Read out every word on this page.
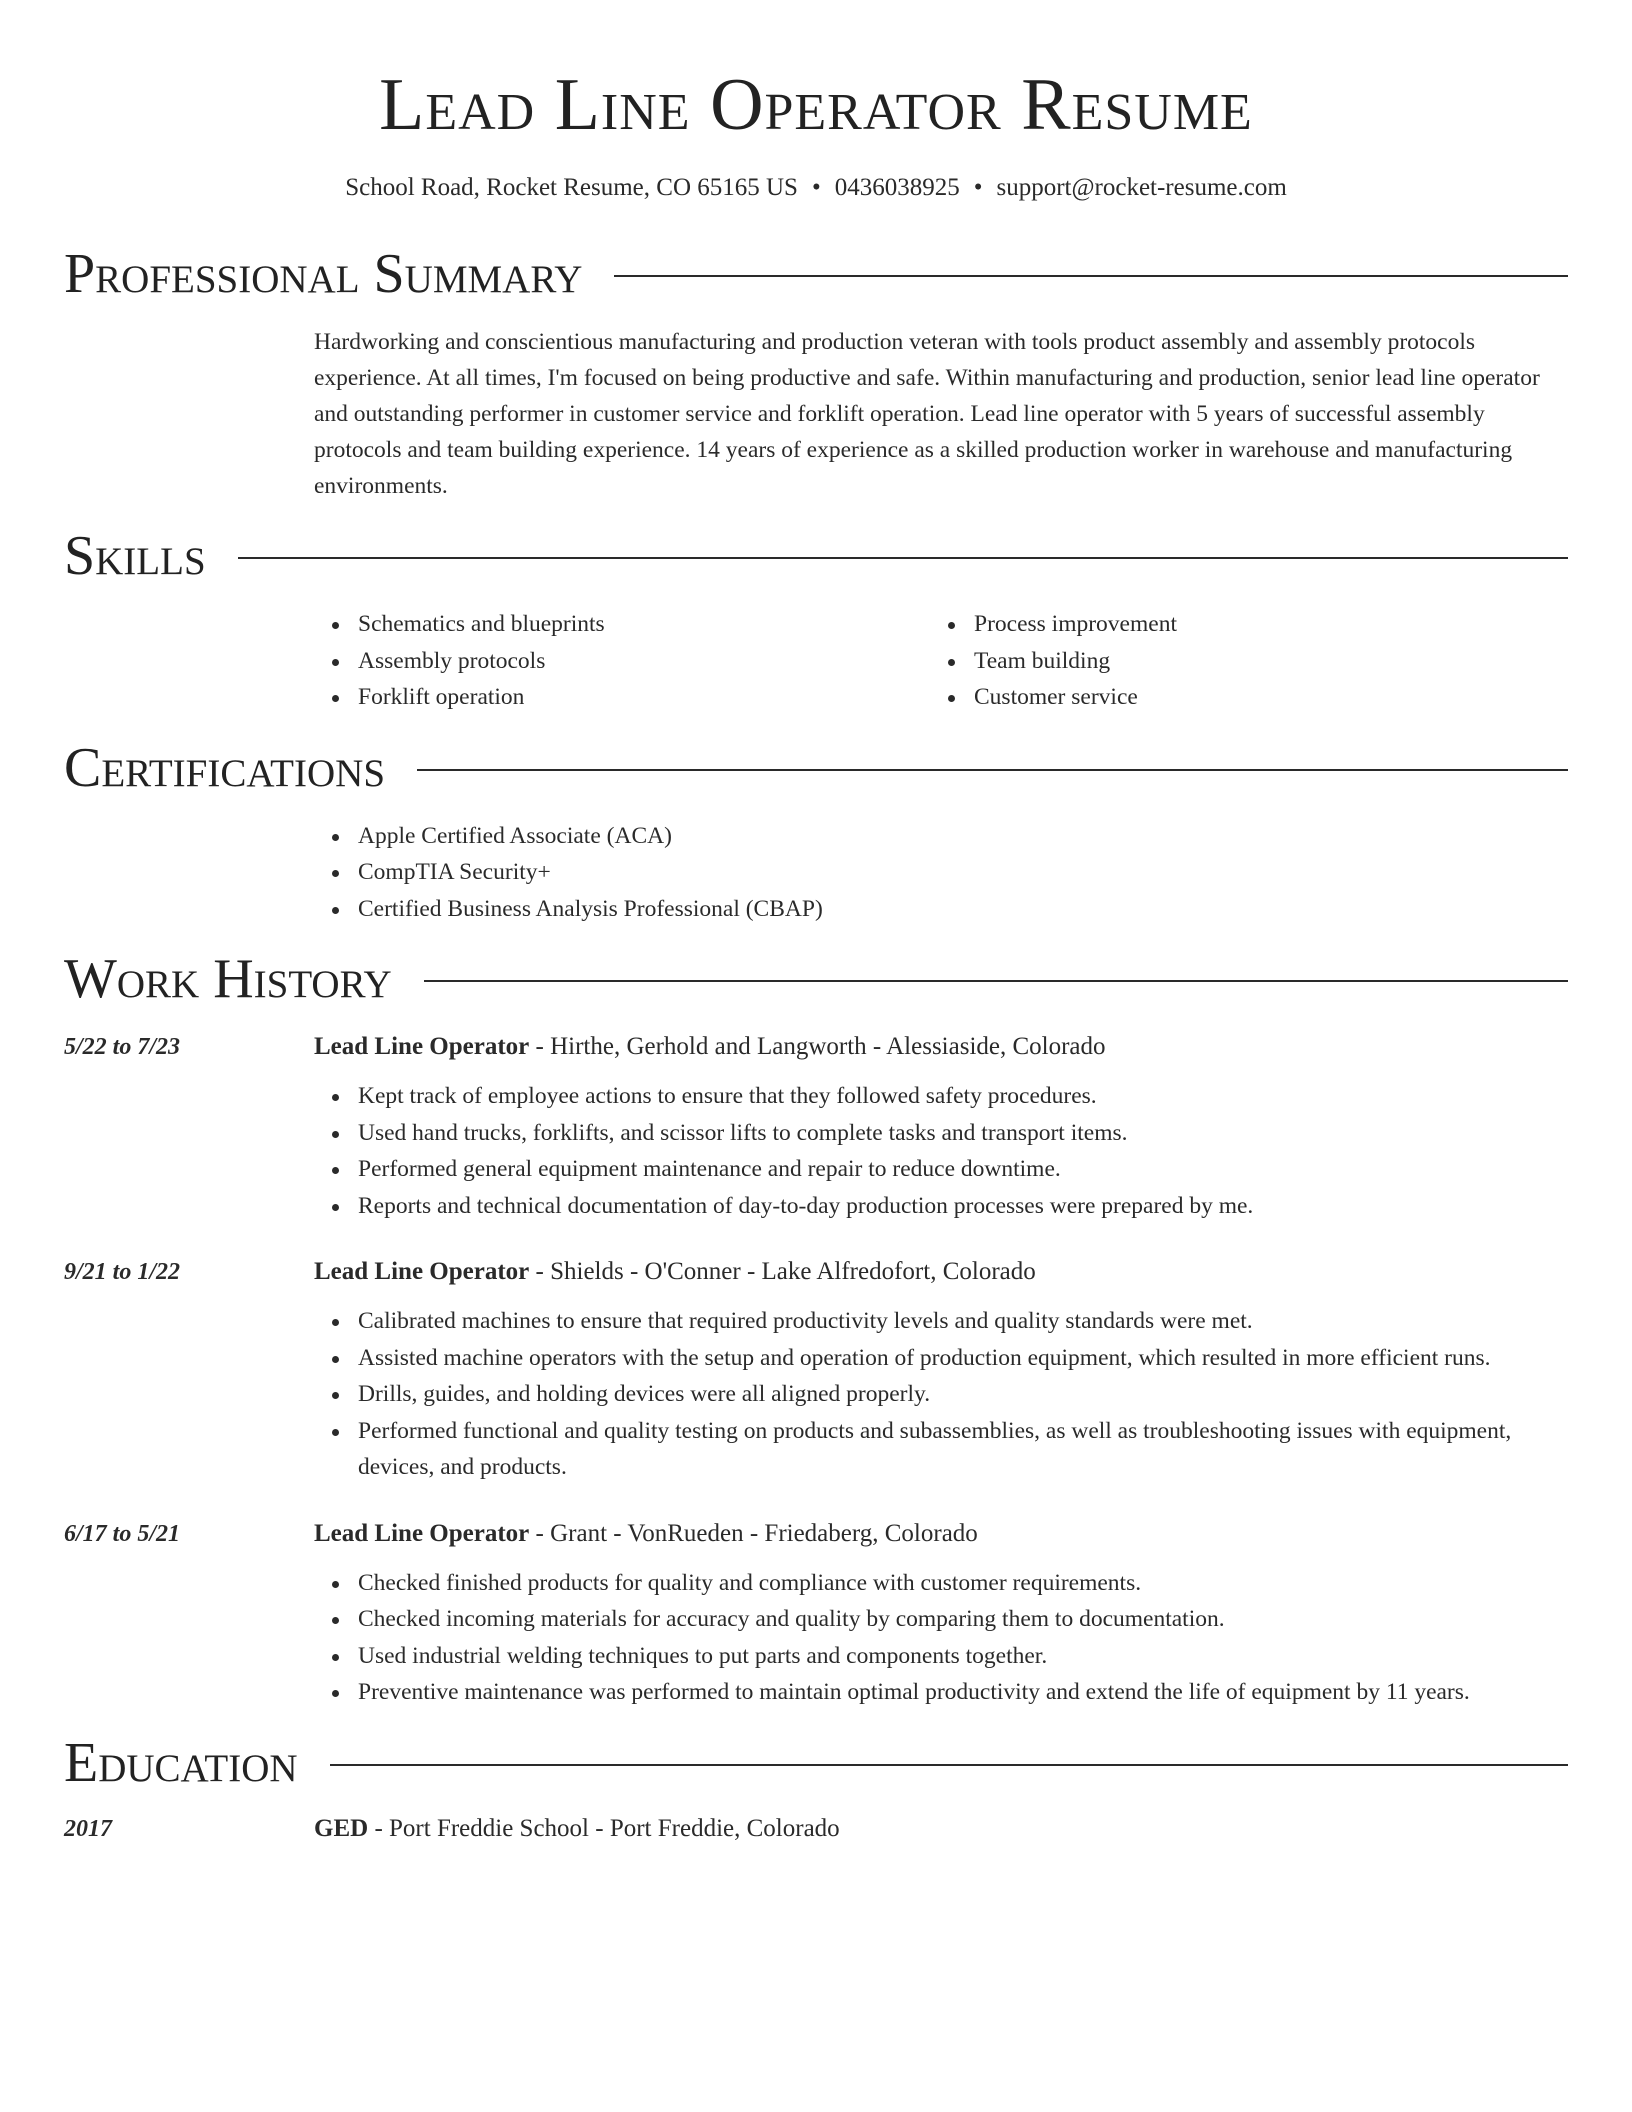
Lead Line Operator Resume
School Road, Rocket Resume, CO 65165 US • 0436038925 • support@rocket-resume.com
Professional Summary

Hardworking and conscientious manufacturing and production veteran with tools product assembly and assembly protocols experience. At all times, I'm focused on being productive and safe. Within manufacturing and production, senior lead line operator and outstanding performer in customer service and forklift operation. Lead line operator with 5 years of successful assembly protocols and team building experience. 14 years of experience as a skilled production worker in warehouse and manufacturing environments.

Skills
Schematics and blueprints
Assembly protocols
Forklift operation
Process improvement
Team building
Customer service
Certifications
Apple Certified Associate (ACA)
CompTIA Security+
Certified Business Analysis Professional (CBAP)
Work History
5/22 to 7/23	Lead Line Operator - Hirthe, Gerhold and Langworth - Alessiaside, Colorado
Kept track of employee actions to ensure that they followed safety procedures.
Used hand trucks, forklifts, and scissor lifts to complete tasks and transport items.
Performed general equipment maintenance and repair to reduce downtime.
Reports and technical documentation of day-to-day production processes were prepared by me.
9/21 to 1/22	Lead Line Operator - Shields - O'Conner - Lake Alfredofort, Colorado
Calibrated machines to ensure that required productivity levels and quality standards were met.
Assisted machine operators with the setup and operation of production equipment, which resulted in more efficient runs.
Drills, guides, and holding devices were all aligned properly.
Performed functional and quality testing on products and subassemblies, as well as troubleshooting issues with equipment, devices, and products.
6/17 to 5/21	Lead Line Operator - Grant - VonRueden - Friedaberg, Colorado
Checked finished products for quality and compliance with customer requirements.
Checked incoming materials for accuracy and quality by comparing them to documentation.
Used industrial welding techniques to put parts and components together.
Preventive maintenance was performed to maintain optimal productivity and extend the life of equipment by 11 years.
Education
2017	GED - Port Freddie School - Port Freddie, Colorado
